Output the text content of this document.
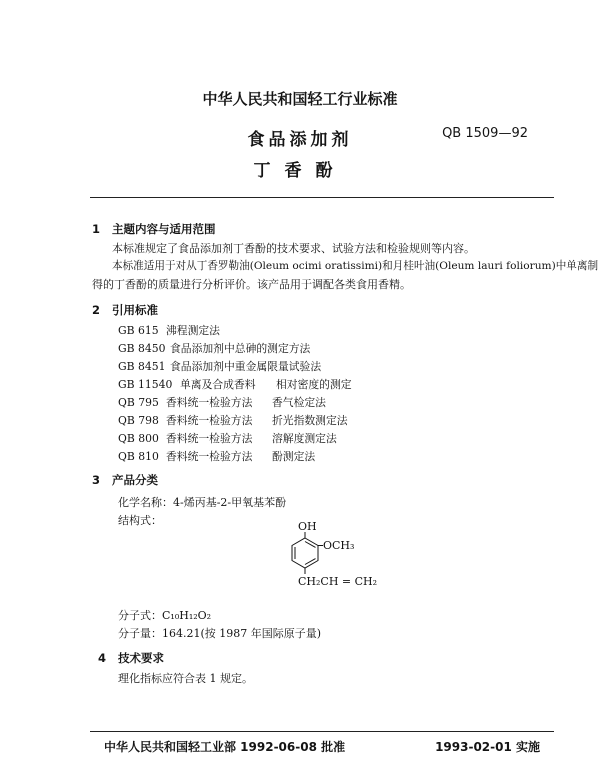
中华人民共和国轻工行业标准
食品添加剂	QB 1509—92
丁香酚
1 主题内容与适用范围
本标准规定了食品添加剂丁香酚的技术要求、试验方法和检验规则等内容。
本标准适用于对从丁香罗勒油(Oleum ocimi oratissimi)和月桂叶油(Oleum lauri foliorum)中单离制
得的丁香酚的质量进行分析评价。该产品用于调配各类食用香精。
2 引用标准
GB 615 沸程测定法
GB 8450 食品添加剂中总砷的测定方法
GB 8451 食品添加剂中重金属限量试验法
GB 11540 单离及合成香料 相对密度的测定
QB 795 香料统一检验方法 香气检定法
QB 798 香料统一检验方法 折光指数测定法
QB 800 香料统一检验方法 溶解度测定法
QB 810 香料统一检验方法 酚测定法
3 产品分类
化学名称：4-烯丙基-2-甲氧基苯酚
结构式：	OH
OCH₃
CH₂CH = CH₂
分子式：C₁₀H₁₂O₂
分子量：164.21(按 1987 年国际原子量)
4 技术要求
理化指标应符合表 1 规定。
中华人民共和国轻工业部 1992-06-08 批准	1993-02-01 实施
